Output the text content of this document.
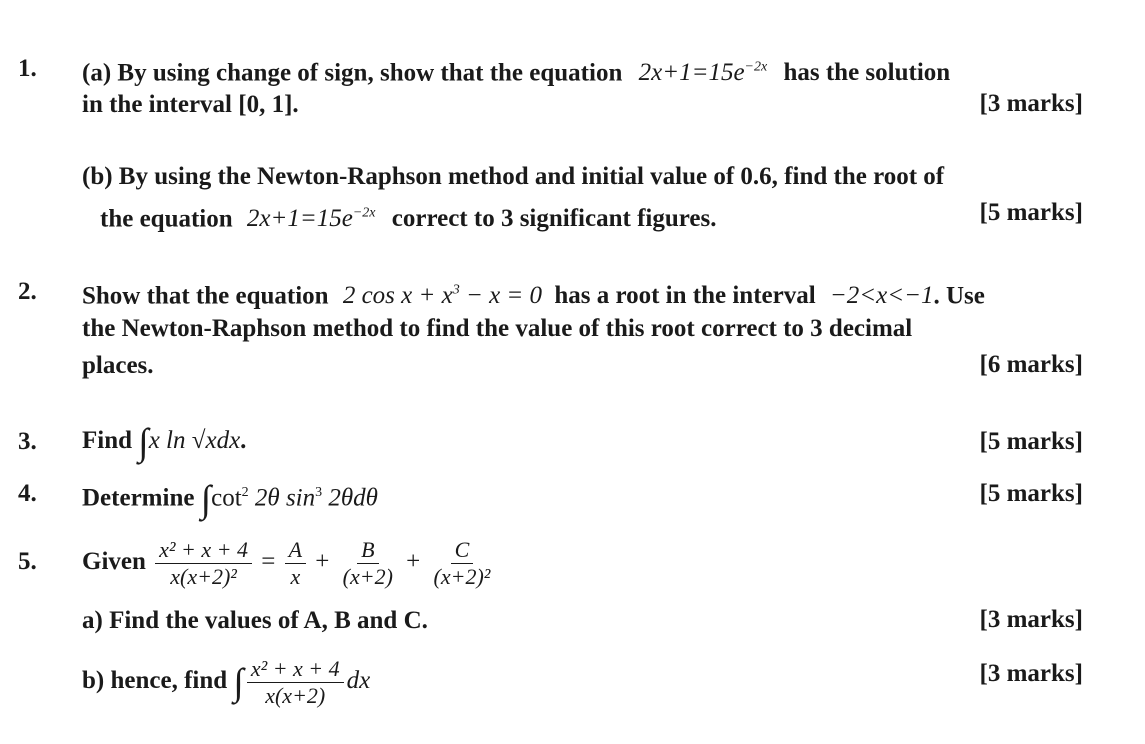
1. (a) By using change of sign, show that the equation $2x+1=15e^{-2x}$ has the solution
in the interval [0, 1].	[3 marks]
(b) By using the Newton-Raphson method and initial value of 0.6, find the root of
the equation $2x+1=15e^{-2x}$ correct to 3 significant figures.	[5 marks]
2. Show that the equation 2 $\cos x + x^3 - x = 0$ has a root in the interval −2<x<−1. Use
the Newton-Raphson method to find the value of this root correct to 3 decimal
places.	[6 marks]
3. Find ∫x ln √xdx.	[5 marks]
4. Determine $\int\cot^2$ 2θ $\sin^3 2\theta d\theta$	[5 marks]
5. Given $\frac{\text{x² + x + 4}}{\text{x(x+2)²}} = \frac{A}{x} + \frac{B}{(x+2)} + \frac{C}{\text{(x+2)²}}$
a) Find the values of A, B and C.	[3 marks]
b) hence, find ∫ $\frac{\text{x² + x + 4}}{x(x+2)}$ dx	[3 marks]
